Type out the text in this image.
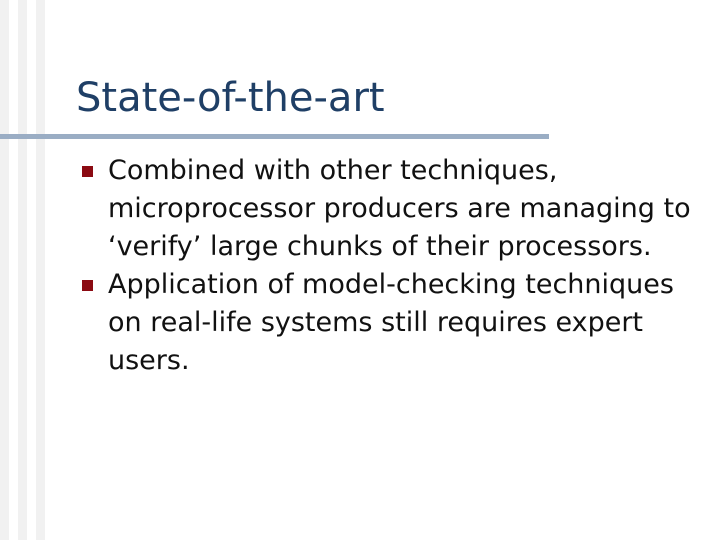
State-of-the-art
Combined with other techniques, microprocessor producers are managing to ‘verify’ large chunks of their processors.
Application of model-checking techniques on real-life systems still requires expert users.
